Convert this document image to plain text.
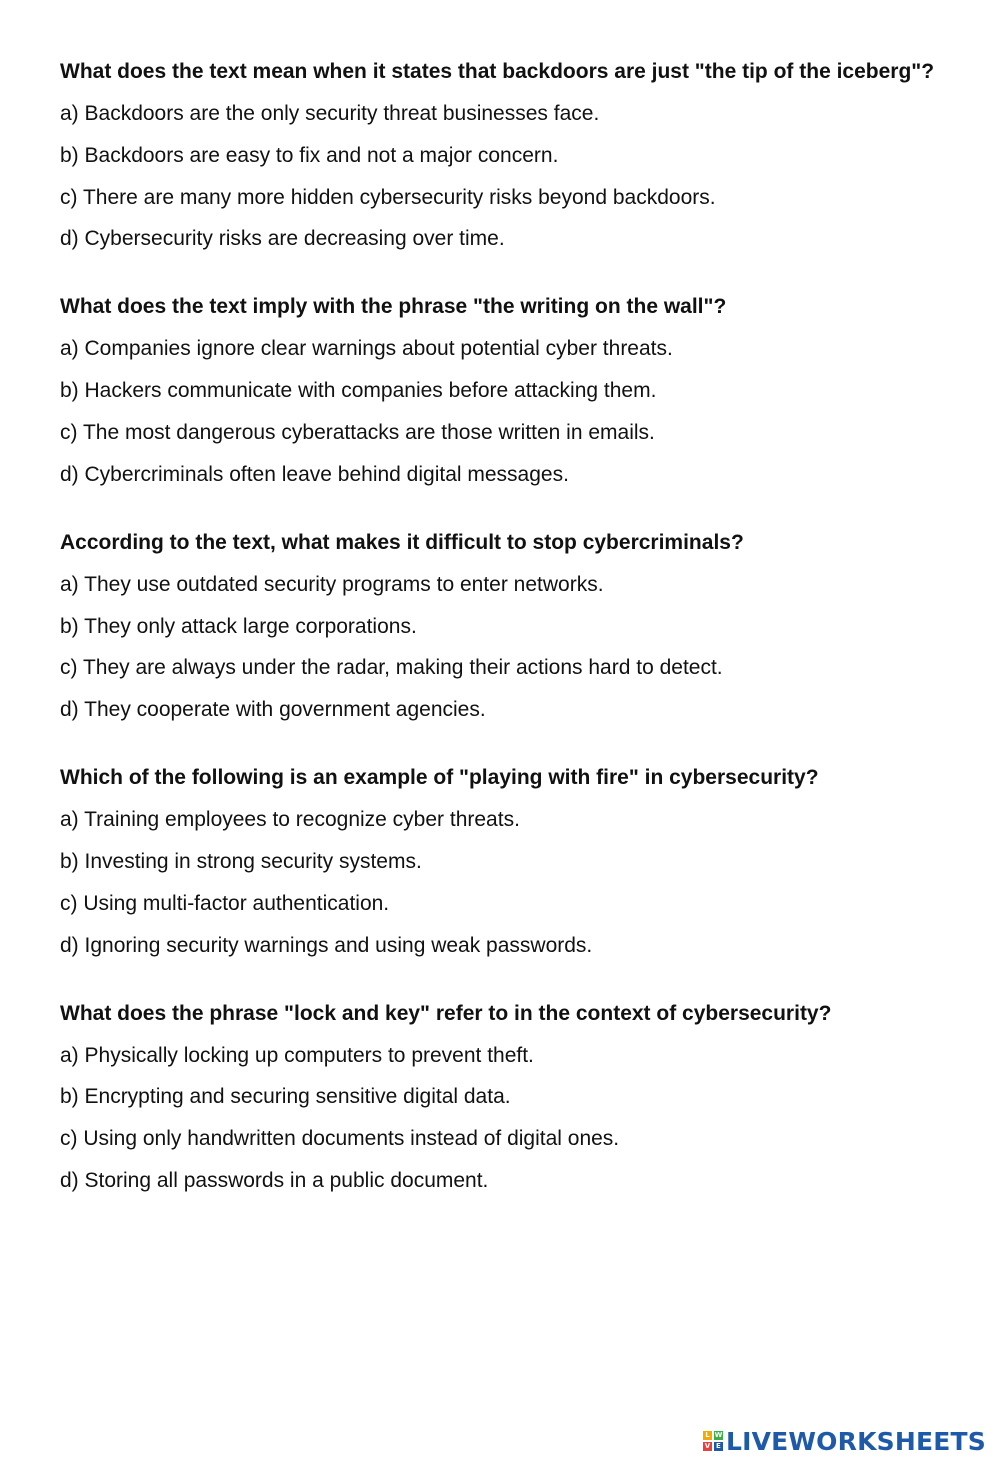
What does the text mean when it states that backdoors are just "the tip of the iceberg"?

a) Backdoors are the only security threat businesses face.
b) Backdoors are easy to fix and not a major concern.
c) There are many more hidden cybersecurity risks beyond backdoors.
d) Cybersecurity risks are decreasing over time.

What does the text imply with the phrase "the writing on the wall"?

a) Companies ignore clear warnings about potential cyber threats.
b) Hackers communicate with companies before attacking them.
c) The most dangerous cyberattacks are those written in emails.
d) Cybercriminals often leave behind digital messages.

According to the text, what makes it difficult to stop cybercriminals?

a) They use outdated security programs to enter networks.
b) They only attack large corporations.
c) They are always under the radar, making their actions hard to detect.
d) They cooperate with government agencies.

Which of the following is an example of "playing with fire" in cybersecurity?

a) Training employees to recognize cyber threats.
b) Investing in strong security systems.
c) Using multi-factor authentication.
d) Ignoring security warnings and using weak passwords.

What does the phrase "lock and key" refer to in the context of cybersecurity?

a) Physically locking up computers to prevent theft.
b) Encrypting and securing sensitive digital data.
c) Using only handwritten documents instead of digital ones.
d) Storing all passwords in a public document.
L W
V E LIVEWORKSHEETS
